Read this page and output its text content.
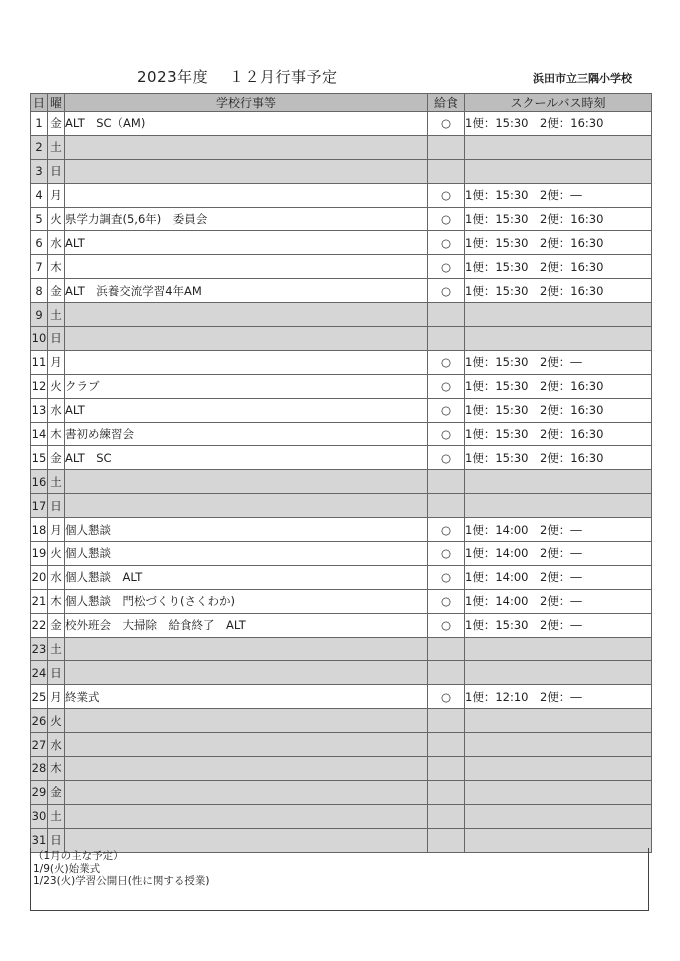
2023年度　 １２月行事予定	浜田市立三隅小学校
日	曜	学校行事等	給食	スクールバス時刻
1	金	ALT　SC（AM)	○	1便：15:30　2便：16:30
2	土			
3	日			
4	月		○	1便：15:30　2便：―
5	火	県学力調査(5,6年)　委員会	○	1便：15:30　2便：16:30
6	水	ALT	○	1便：15:30　2便：16:30
7	木		○	1便：15:30　2便：16:30
8	金	ALT　浜養交流学習4年AM	○	1便：15:30　2便：16:30
9	土			
10	日			
11	月		○	1便：15:30　2便：―
12	火	クラブ	○	1便：15:30　2便：16:30
13	水	ALT	○	1便：15:30　2便：16:30
14	木	書初め練習会	○	1便：15:30　2便：16:30
15	金	ALT　SC	○	1便：15:30　2便：16:30
16	土			
17	日			
18	月	個人懇談	○	1便：14:00　2便：―
19	火	個人懇談	○	1便：14:00　2便：―
20	水	個人懇談　ALT	○	1便：14:00　2便：―
21	木	個人懇談　門松づくり(さくわか)	○	1便：14:00　2便：―
22	金	校外班会　大掃除　給食終了　ALT	○	1便：15:30　2便：―
23	土			
24	日			
25	月	終業式	○	1便：12:10　2便：―
26	火			
27	水			
28	木			
29	金			
30	土			
31	日			
（1月の主な予定）
1/9(火)始業式
1/23(火)学習公開日(性に関する授業)
